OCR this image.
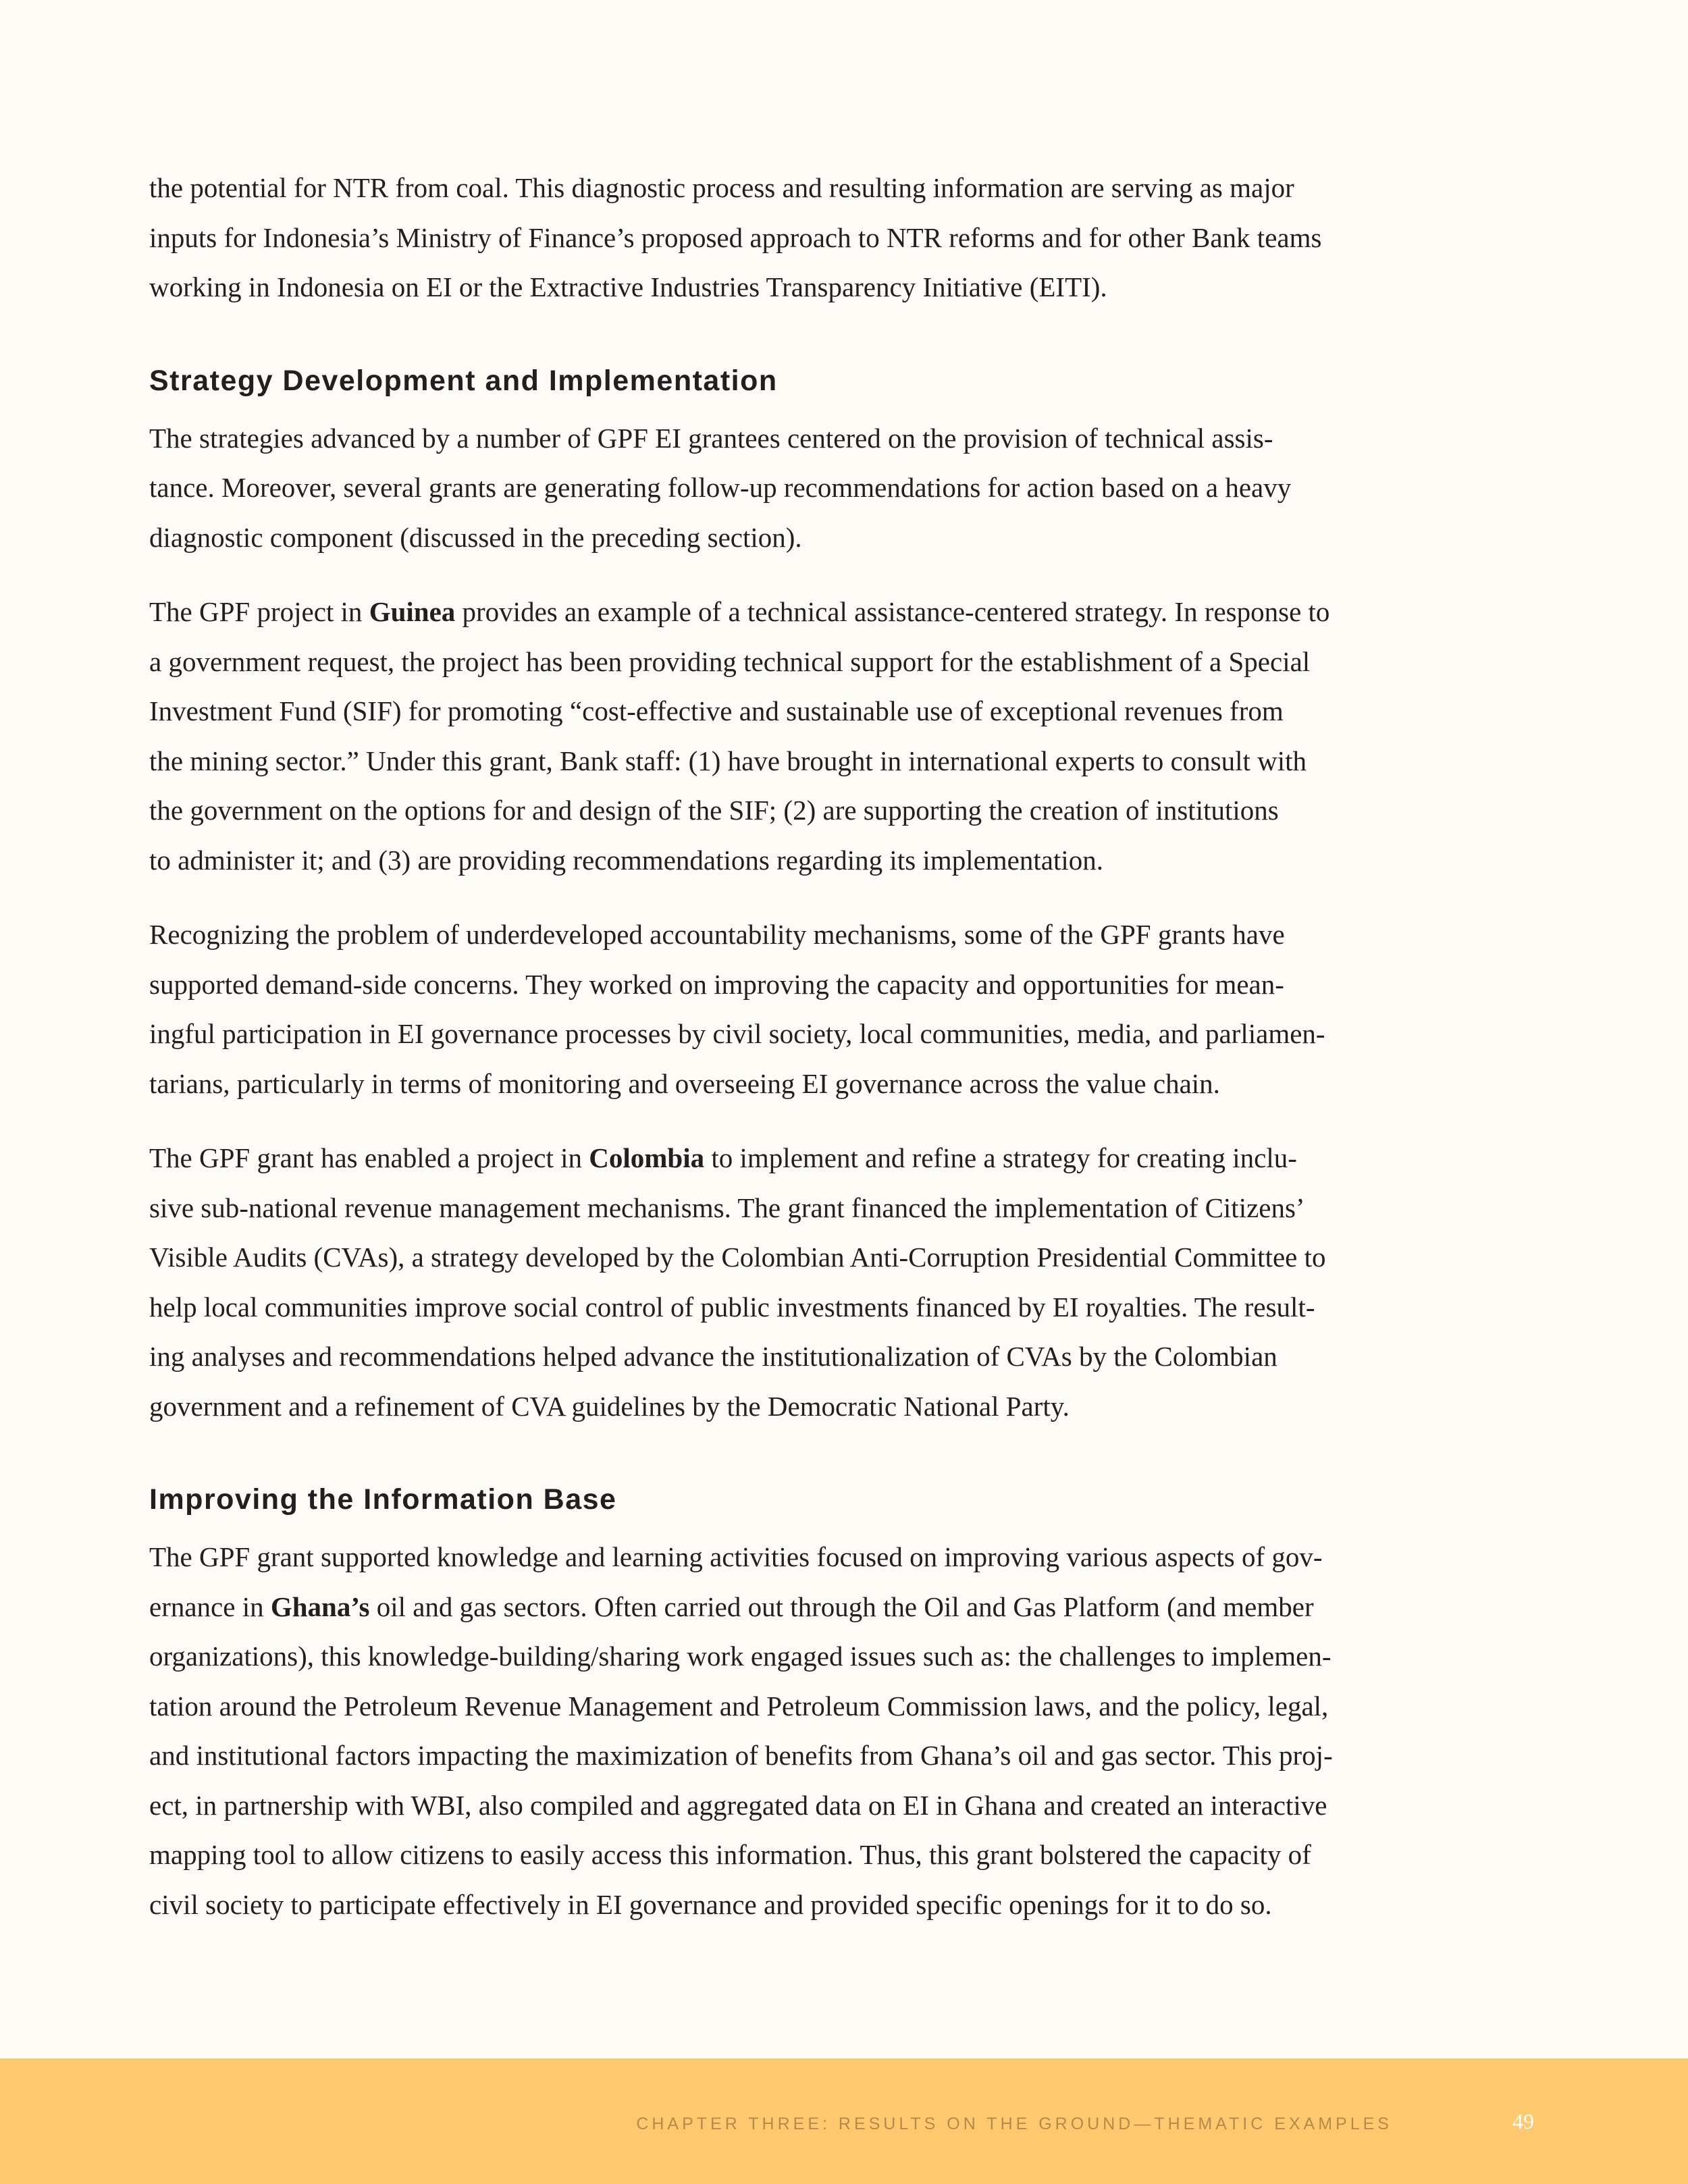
the potential for NTR from coal. This diagnostic process and resulting information are serving as major
inputs for Indonesia’s Ministry of Finance’s proposed approach to NTR reforms and for other Bank teams
working in Indonesia on EI or the Extractive Industries Transparency Initiative (EITI).

Strategy Development and Implementation

The strategies advanced by a number of GPF EI grantees centered on the provision of technical assis-
tance. Moreover, several grants are generating follow-up recommendations for action based on a heavy
diagnostic component (discussed in the preceding section).

The GPF project in Guinea provides an example of a technical assistance-centered strategy. In response to
a government request, the project has been providing technical support for the establishment of a Special
Investment Fund (SIF) for promoting “cost-effective and sustainable use of exceptional revenues from
the mining sector.” Under this grant, Bank staff: (1) have brought in international experts to consult with
the government on the options for and design of the SIF; (2) are supporting the creation of institutions
to administer it; and (3) are providing recommendations regarding its implementation.

Recognizing the problem of underdeveloped accountability mechanisms, some of the GPF grants have
supported demand-side concerns. They worked on improving the capacity and opportunities for mean-
ingful participation in EI governance processes by civil society, local communities, media, and parliamen-
tarians, particularly in terms of monitoring and overseeing EI governance across the value chain.

The GPF grant has enabled a project in Colombia to implement and refine a strategy for creating inclu-
sive sub-national revenue management mechanisms. The grant financed the implementation of Citizens’
Visible Audits (CVAs), a strategy developed by the Colombian Anti-Corruption Presidential Committee to
help local communities improve social control of public investments financed by EI royalties. The result-
ing analyses and recommendations helped advance the institutionalization of CVAs by the Colombian
government and a refinement of CVA guidelines by the Democratic National Party.

Improving the Information Base

The GPF grant supported knowledge and learning activities focused on improving various aspects of gov-
ernance in Ghana’s oil and gas sectors. Often carried out through the Oil and Gas Platform (and member
organizations), this knowledge-building/sharing work engaged issues such as: the challenges to implemen-
tation around the Petroleum Revenue Management and Petroleum Commission laws, and the policy, legal,
and institutional factors impacting the maximization of benefits from Ghana’s oil and gas sector. This proj-
ect, in partnership with WBI, also compiled and aggregated data on EI in Ghana and created an interactive
mapping tool to allow citizens to easily access this information. Thus, this grant bolstered the capacity of
civil society to participate effectively in EI governance and provided specific openings for it to do so.

CHAPTER THREE: RESULTS ON THE GROUND—THEMATIC EXAMPLES	49
